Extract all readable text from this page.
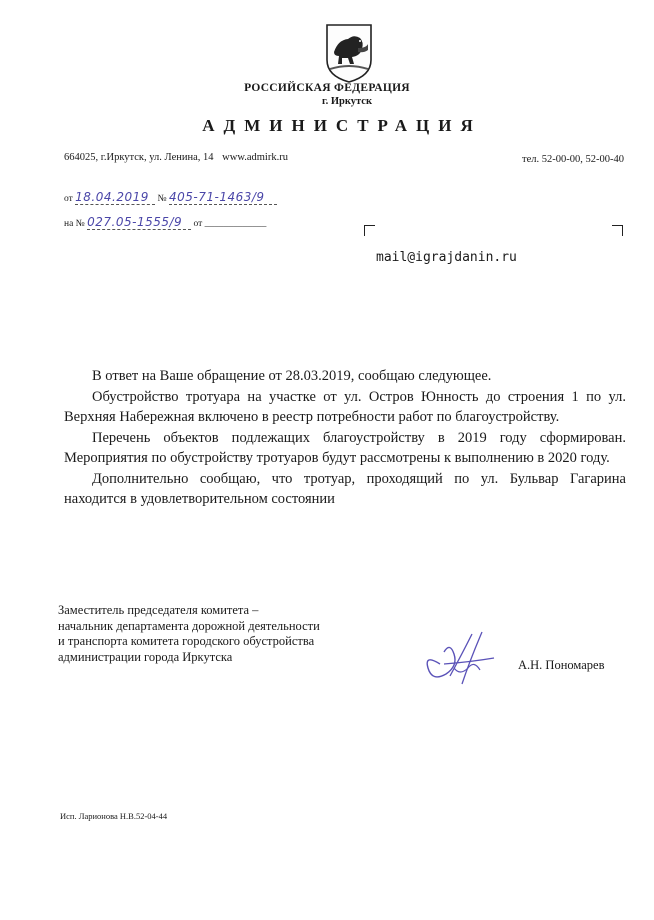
РОССИЙСКАЯ ФЕДЕРАЦИЯ
г. Иркутск
АДМИНИСТРАЦИЯ
664025, г.Иркутск, ул. Ленина, 14 www.admirk.ru	тел. 52-00-00, 52-00-40
от 18.04.2019 № 405-71-1463/9
на № 027.05-1555/9 от _____________
mail@igrajdanin.ru

В ответ на Ваше обращение от 28.03.2019, сообщаю следующее.

Обустройство тротуара на участке от ул. Остров Юнность до строения 1 по ул. Верхняя Набережная включено в реестр потребности работ по благоустройству.

Перечень объектов подлежащих благоустройству в 2019 году сформирован. Мероприятия по обустройству тротуаров будут рассмотрены к выполнению в 2020 году.

Дополнительно сообщаю, что тротуар, проходящий по ул. Бульвар Гагарина находится в удовлетворительном состоянии

Заместитель председателя комитета –
начальник департамента дорожной деятельности
и транспорта комитета городского обустройства
администрации города Иркутска
А.Н. Пономарев
Исп. Ларионова Н.В.52-04-44
